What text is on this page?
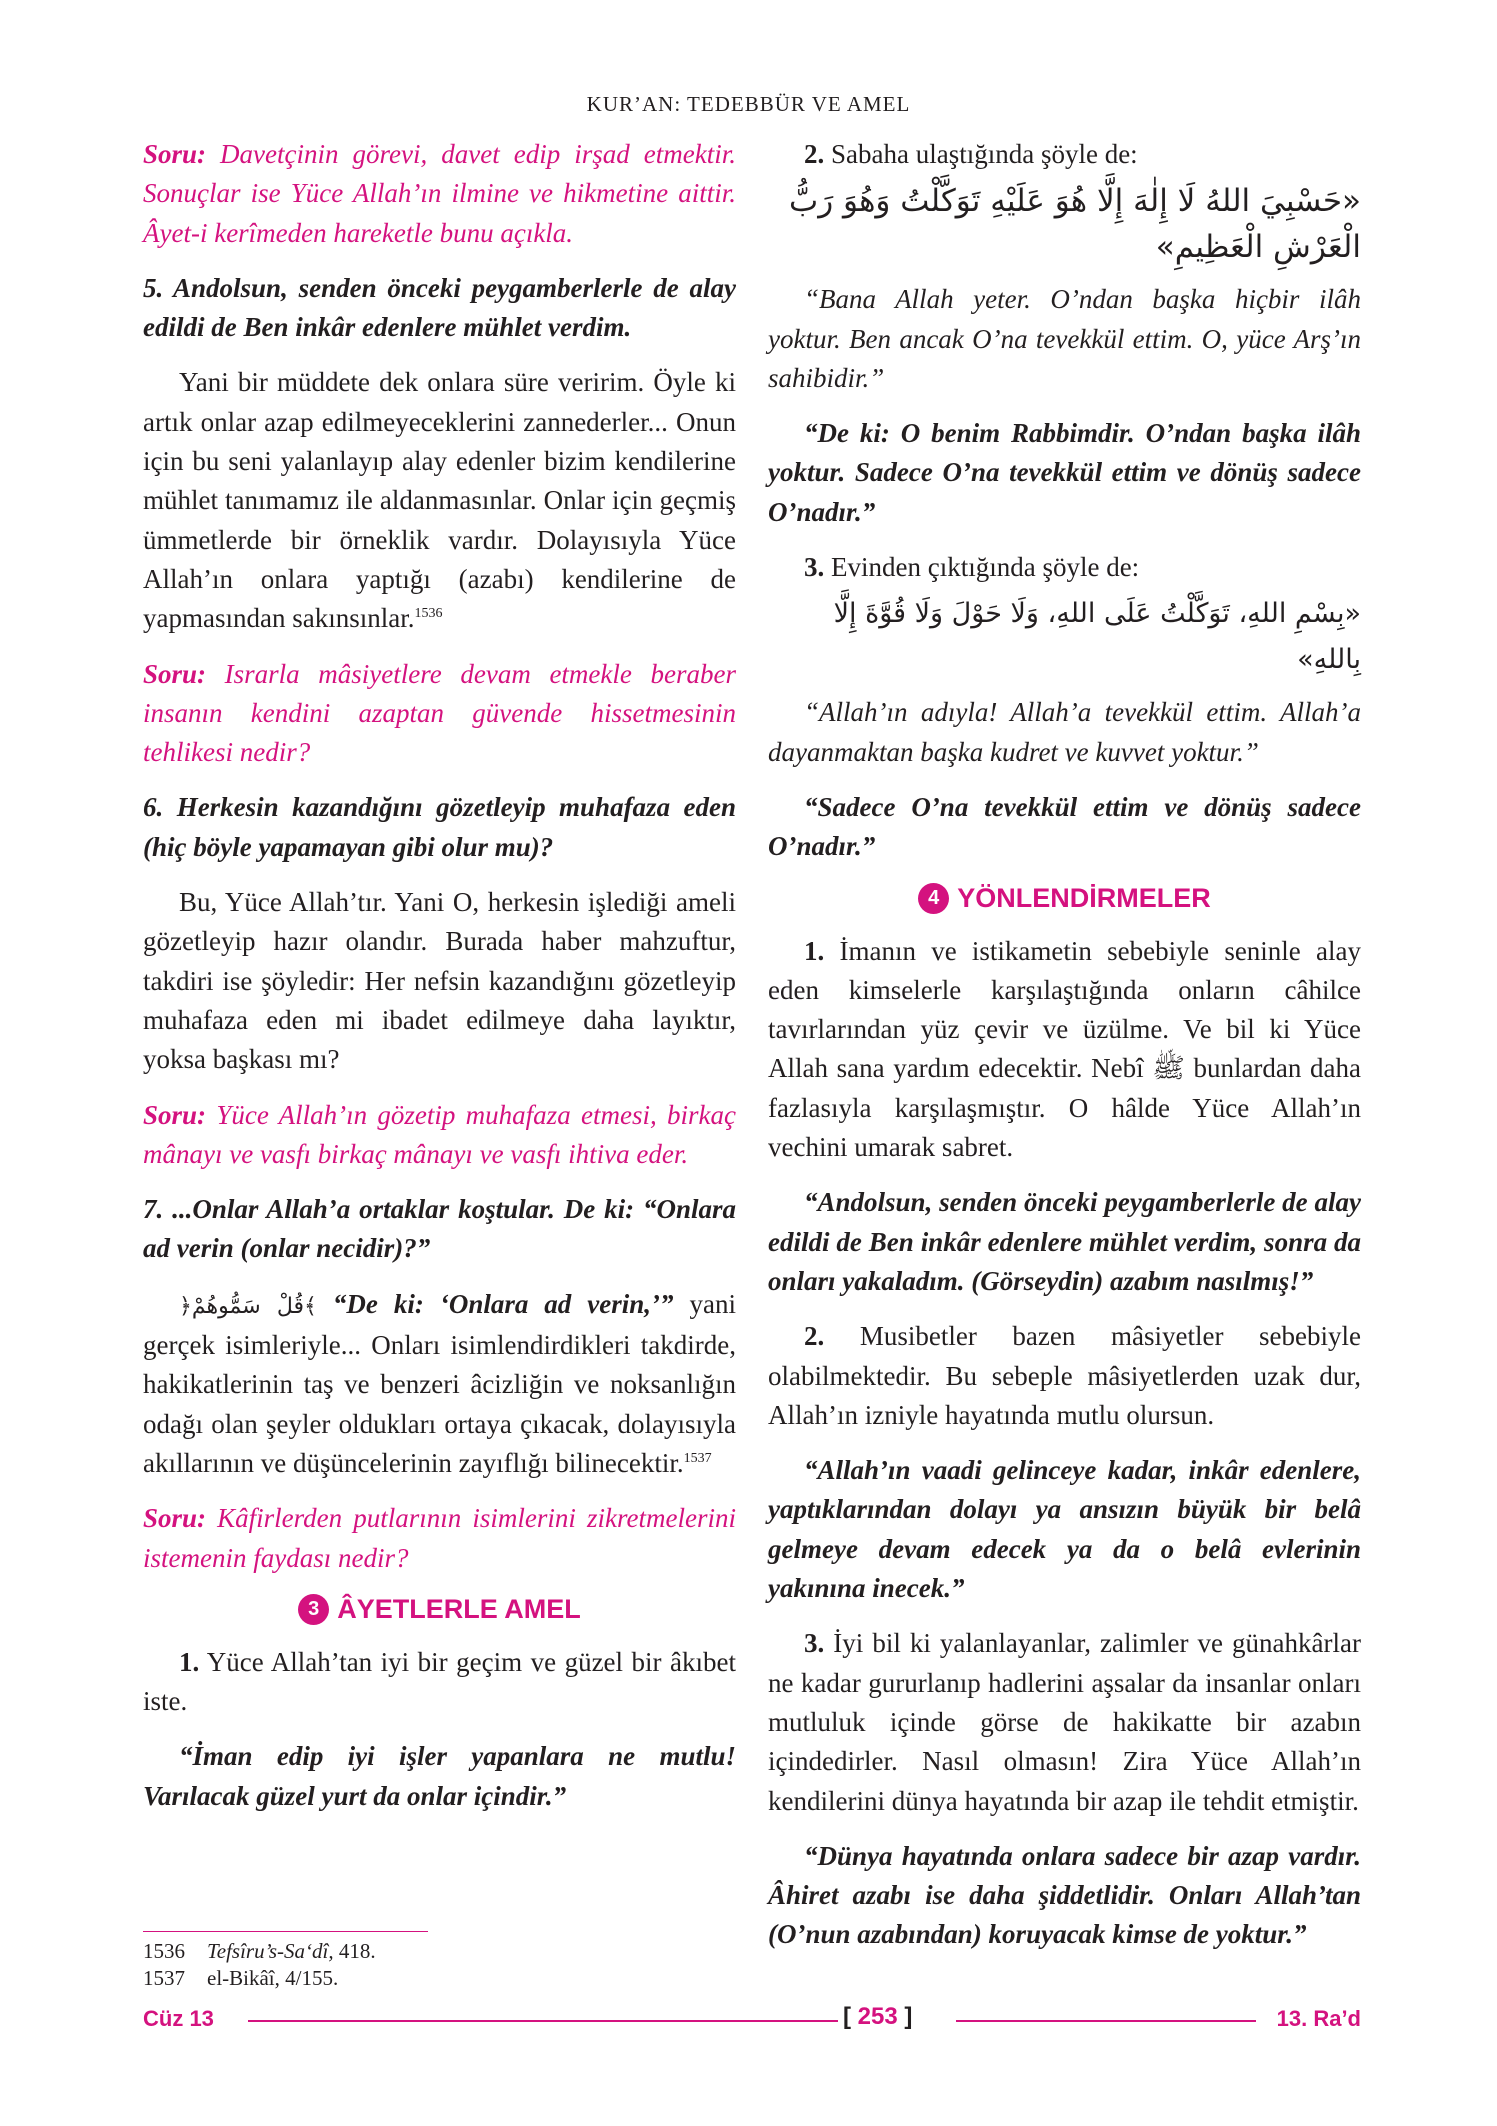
KUR’AN: TEDEBBÜR VE AMEL

Soru: Davetçinin görevi, davet edip irşad etmektir. Sonuçlar ise Yüce Allah’ın ilmine ve hikmetine aittir. Âyet-i kerîmeden hareketle bunu açıkla.

5. Andolsun, senden önceki peygamberlerle de alay edildi de Ben inkâr edenlere mühlet verdim.

Yani bir müddete dek onlara süre veririm. Öyle ki artık onlar azap edilmeyeceklerini zannederler... Onun için bu seni yalanlayıp alay edenler bizim kendilerine mühlet tanımamız ile aldanmasınlar. Onlar için geçmiş ümmetlerde bir örneklik vardır. Dolayısıyla Yüce Allah’ın onlara yaptığı (azabı) kendilerine de yapmasından sakınsınlar.$^{1536}$

Soru: Israrla mâsiyetlere devam etmekle beraber insanın kendini azaptan güvende hissetmesinin tehlikesi nedir?

6. Herkesin kazandığını gözetleyip muhafaza eden (hiç böyle yapamayan gibi olur mu)?

Bu, Yüce Allah’tır. Yani O, herkesin işlediği ameli gözetleyip hazır olandır. Burada haber mahzuftur, takdiri ise şöyledir: Her nefsin kazandığını gözetleyip muhafaza eden mi ibadet edilmeye daha layıktır, yoksa başkası mı?

Soru: Yüce Allah’ın gözetip muhafaza etmesi, birkaç mânayı ve vasfı birkaç mânayı ve vasfı ihtiva eder.

7. ...Onlar Allah’a ortaklar koştular. De ki: “Onlara ad verin (onlar necidir)?”

﴿قُلْ سَمُّوهُمْ﴾ “De ki: ‘Onlara ad verin,’” yani gerçek isimleriyle... Onları isimlendirdikleri takdirde, hakikatlerinin taş ve benzeri âcizliğin ve noksanlığın odağı olan şeyler oldukları ortaya çıkacak, dolayısıyla akıllarının ve düşüncelerinin zayıflığı bilinecektir.$^{1537}$

Soru: Kâfirlerden putlarının isimlerini zikretmelerini istemenin faydası nedir?

3 ÂYETLERLE AMEL

1. Yüce Allah’tan iyi bir geçim ve güzel bir âkıbet iste.

“İman edip iyi işler yapanlara ne mutlu! Varılacak güzel yurt da onlar içindir.”

2. Sabaha ulaştığında şöyle de:

«حَسْبِيَ اللهُ لَا إِلٰهَ إِلَّا هُوَ عَلَيْهِ تَوَكَّلْتُ وَهُوَ رَبُّ الْعَرْشِ الْعَظِيمِ»

“Bana Allah yeter. O’ndan başka hiçbir ilâh yoktur. Ben ancak O’na tevekkül ettim. O, yüce Arş’ın sahibidir.”

“De ki: O benim Rabbimdir. O’ndan başka ilâh yoktur. Sadece O’na tevekkül ettim ve dönüş sadece O’nadır.”

3. Evinden çıktığında şöyle de:

«بِسْمِ اللهِ، تَوَكَّلْتُ عَلَى اللهِ، وَلَا حَوْلَ وَلَا قُوَّةَ إِلَّا بِاللهِ»

“Allah’ın adıyla! Allah’a tevekkül ettim. Allah’a dayanmaktan başka kudret ve kuvvet yoktur.”

“Sadece O’na tevekkül ettim ve dönüş sadece O’nadır.”

4 YÖNLENDİRMELER

1. İmanın ve istikametin sebebiyle seninle alay eden kimselerle karşılaştığında onların câhilce tavırlarından yüz çevir ve üzülme. Ve bil ki Yüce Allah sana yardım edecektir. Nebî ﷺ bunlardan daha fazlasıyla karşılaşmıştır. O hâlde Yüce Allah’ın vechini umarak sabret.

“Andolsun, senden önceki peygamberlerle de alay edildi de Ben inkâr edenlere mühlet verdim, sonra da onları yakaladım. (Görseydin) azabım nasılmış!”

2. Musibetler bazen mâsiyetler sebebiyle olabilmektedir. Bu sebeple mâsiyetlerden uzak dur, Allah’ın izniyle hayatında mutlu olursun.

“Allah’ın vaadi gelinceye kadar, inkâr edenlere, yaptıklarından dolayı ya ansızın büyük bir belâ gelmeye devam edecek ya da o belâ evlerinin yakınına inecek.”

3. İyi bil ki yalanlayanlar, zalimler ve günahkârlar ne kadar gururlanıp hadlerini aşsalar da insanlar onları mutluluk içinde görse de hakikatte bir azabın içindedirler. Nasıl olmasın! Zira Yüce Allah’ın kendilerini dünya hayatında bir azap ile tehdit etmiştir.

“Dünya hayatında onlara sadece bir azap vardır. Âhiret azabı ise daha şiddetlidir. Onları Allah’tan (O’nun azabından) koruyacak kimse de yoktur.”

1536	Tefsîru’s-Sa‘dî, 418.
1537	el-Bikâî, 4/155.
Cüz 13	[ 253 ]	13. Ra’d
